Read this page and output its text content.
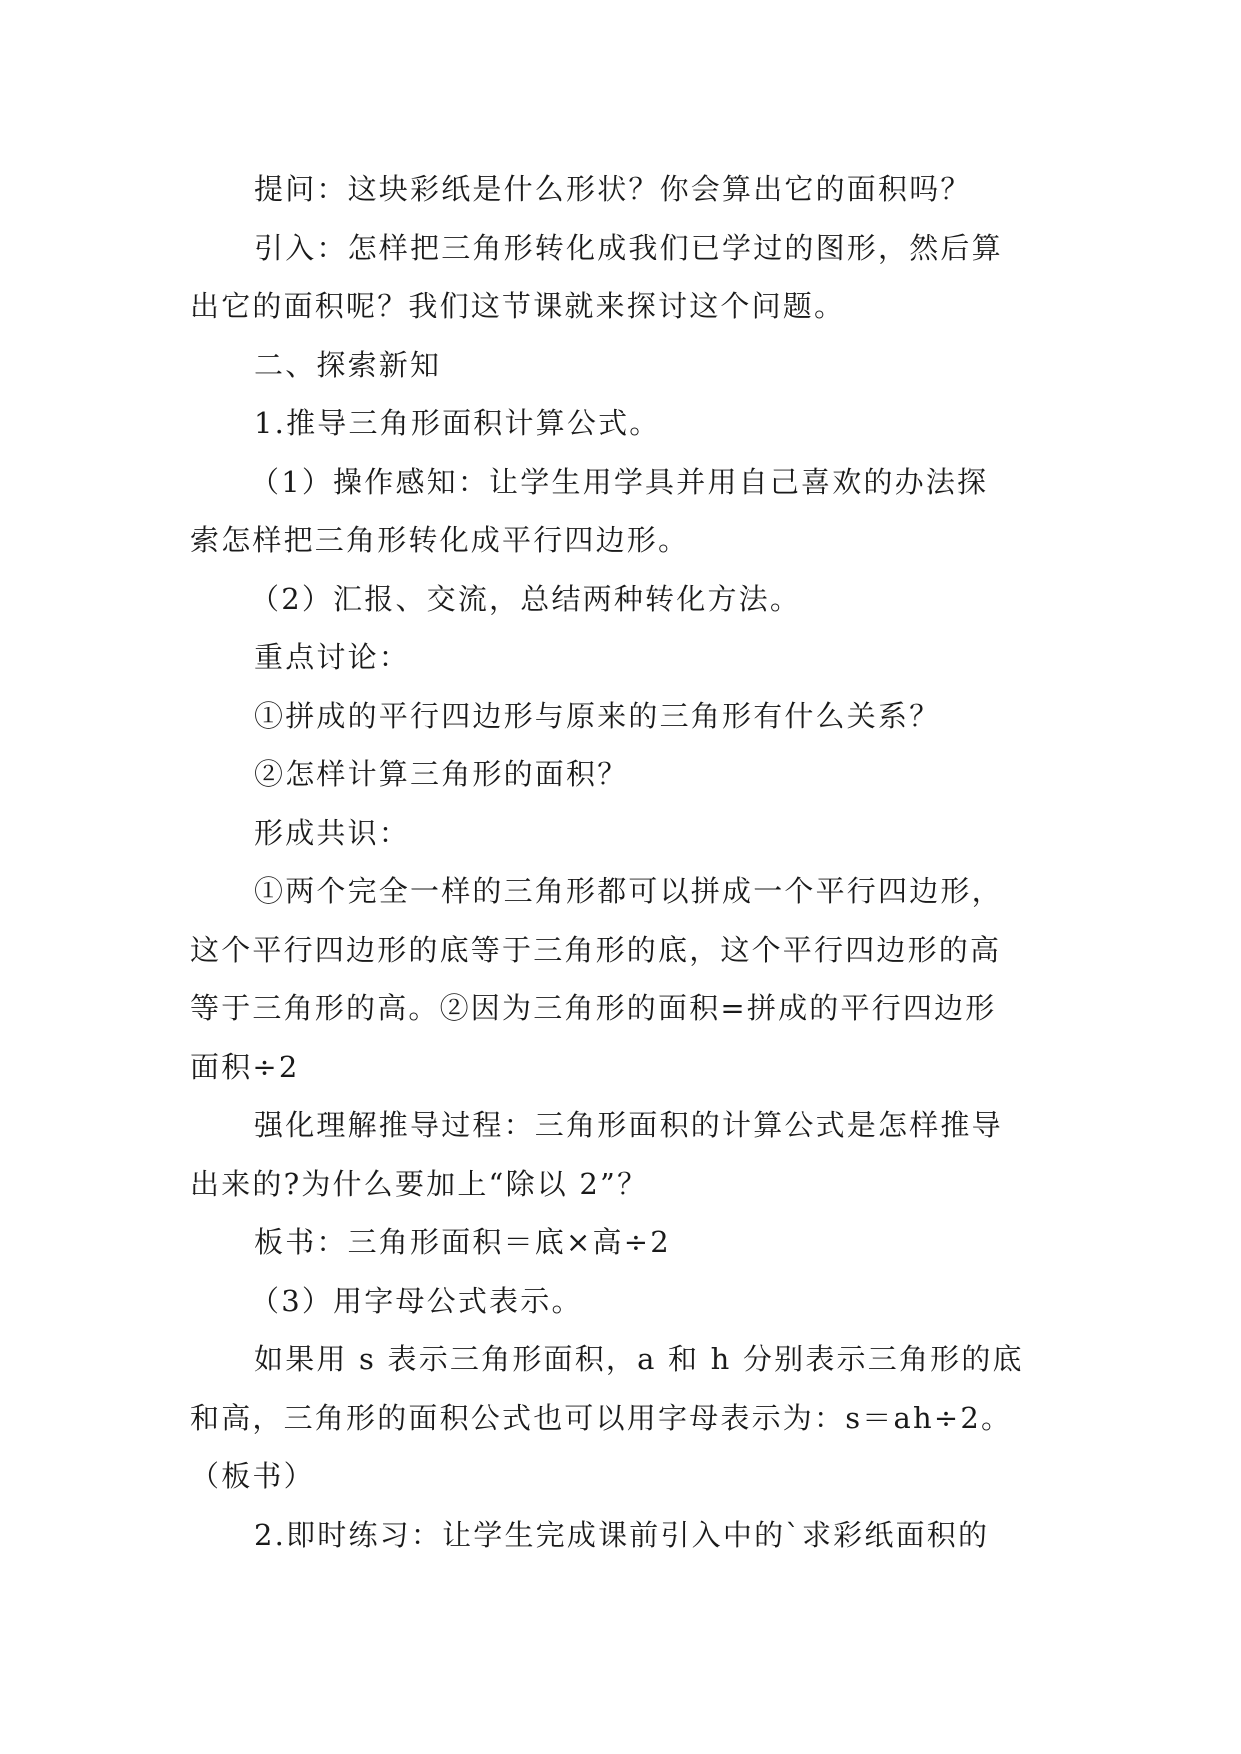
提问：这块彩纸是什么形状？你会算出它的面积吗？
引入：怎样把三角形转化成我们已学过的图形，然后算
出它的面积呢？我们这节课就来探讨这个问题。
二、探索新知
1.推导三角形面积计算公式。
（1）操作感知：让学生用学具并用自己喜欢的办法探
索怎样把三角形转化成平行四边形。
（2）汇报、交流，总结两种转化方法。
重点讨论：
①拼成的平行四边形与原来的三角形有什么关系？
②怎样计算三角形的面积？
形成共识：
①两个完全一样的三角形都可以拼成一个平行四边形，
这个平行四边形的底等于三角形的底，这个平行四边形的高
等于三角形的高。②因为三角形的面积=拼成的平行四边形
面积÷2
强化理解推导过程：三角形面积的计算公式是怎样推导
出来的?为什么要加上“除以 2”？
板书：三角形面积＝底×高÷2
（3）用字母公式表示。
如果用 s 表示三角形面积，a 和 h 分别表示三角形的底
和高，三角形的面积公式也可以用字母表示为：s＝ah÷2。
（板书）
2.即时练习：让学生完成课前引入中的`求彩纸面积的
